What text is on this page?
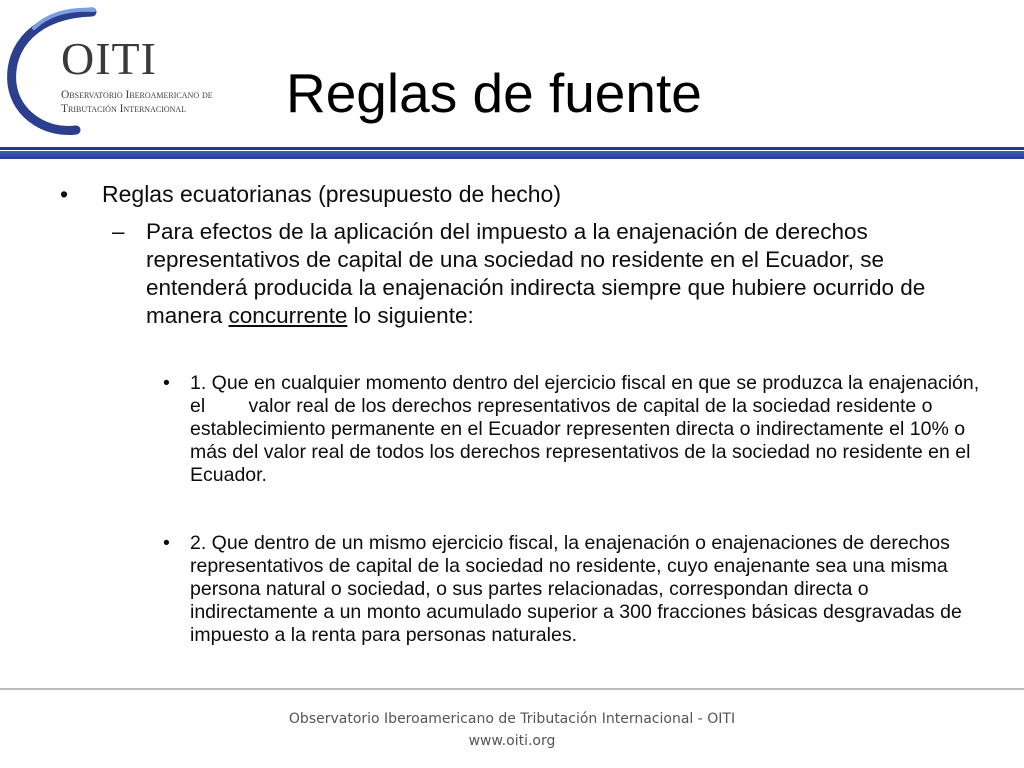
OITI
Observatorio Iberoamericano de
Tributación Internacional Reglas de fuente
• Reglas ecuatorianas (presupuesto de hecho)
– Para efectos de la aplicación del impuesto a la enajenación de derechos representativos de capital de una sociedad no residente en el Ecuador, se entenderá producida la enajenación indirecta siempre que hubiere ocurrido de manera concurrente lo siguiente:
• 1. Que en cualquier momento dentro del ejercicio fiscal en que se produzca la enajenación, el        valor real de los derechos representativos de capital de la sociedad residente o establecimiento permanente en el Ecuador representen directa o indirectamente el 10% o más del valor real de todos los derechos representativos de la sociedad no residente en el Ecuador.
• 2. Que dentro de un mismo ejercicio fiscal, la enajenación o enajenaciones de derechos representativos de capital de la sociedad no residente, cuyo enajenante sea una misma persona natural o sociedad, o sus partes relacionadas, correspondan directa o indirectamente a un monto acumulado superior a 300 fracciones básicas desgravadas de impuesto a la renta para personas naturales.
Observatorio Iberoamericano de Tributación Internacional - OITI
www.oiti.org
